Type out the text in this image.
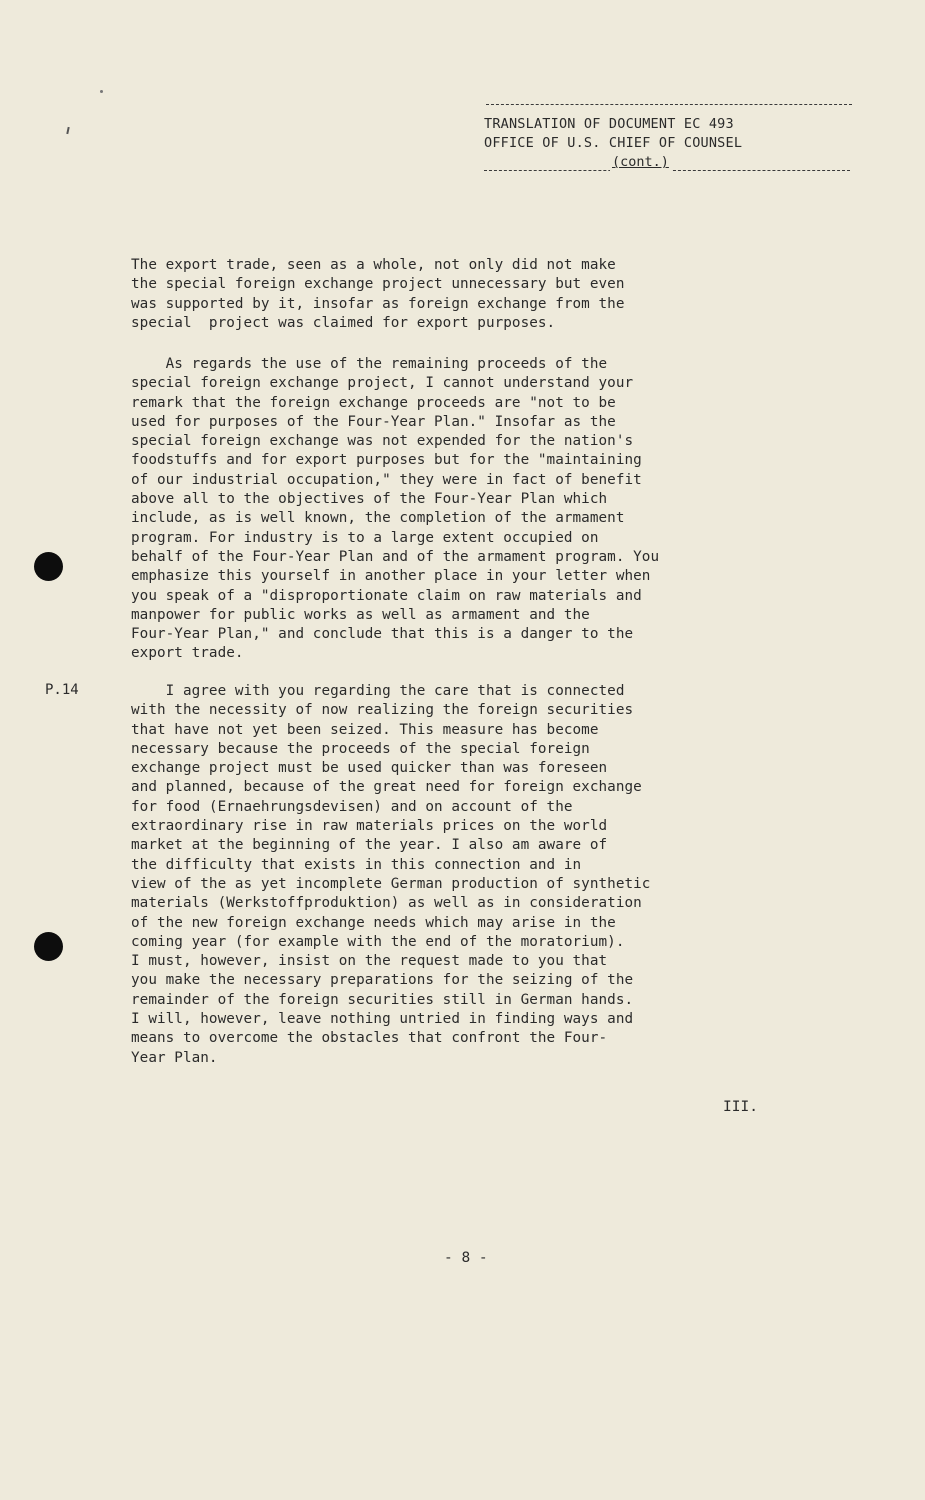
TRANSLATION OF DOCUMENT EC 493
OFFICE OF U.S. CHIEF OF COUNSEL
(cont.)

The export trade, seen as a whole, not only did not make

the special foreign exchange project unnecessary but even

was supported by it, insofar as foreign exchange from the

special  project was claimed for export purposes.

As regards the use of the remaining proceeds of the

special foreign exchange project, I cannot understand your

remark that the foreign exchange proceeds are "not to be

used for purposes of the Four-Year Plan." Insofar as the

special foreign exchange was not expended for the nation's

foodstuffs and for export purposes but for the "maintaining

of our industrial occupation," they were in fact of benefit

above all to the objectives of the Four-Year Plan which

include, as is well known, the completion of the armament

program. For industry is to a large extent occupied on

behalf of the Four-Year Plan and of the armament program. You

emphasize this yourself in another place in your letter when

you speak of a "disproportionate claim on raw materials and

manpower for public works as well as armament and the

Four-Year Plan," and conclude that this is a danger to the

export trade.

P.14	I agree with you regarding the care that is connected

with the necessity of now realizing the foreign securities

that have not yet been seized. This measure has become

necessary because the proceeds of the special foreign

exchange project must be used quicker than was foreseen

and planned, because of the great need for foreign exchange

for food (Ernaehrungsdevisen) and on account of the

extraordinary rise in raw materials prices on the world

market at the beginning of the year. I also am aware of

the difficulty that exists in this connection and in

view of the as yet incomplete German production of synthetic

materials (Werkstoffproduktion) as well as in consideration

of the new foreign exchange needs which may arise in the

coming year (for example with the end of the moratorium).

I must, however, insist on the request made to you that

you make the necessary preparations for the seizing of the

remainder of the foreign securities still in German hands.

I will, however, leave nothing untried in finding ways and

means to overcome the obstacles that confront the Four-

Year Plan.

III.
- 8 -
